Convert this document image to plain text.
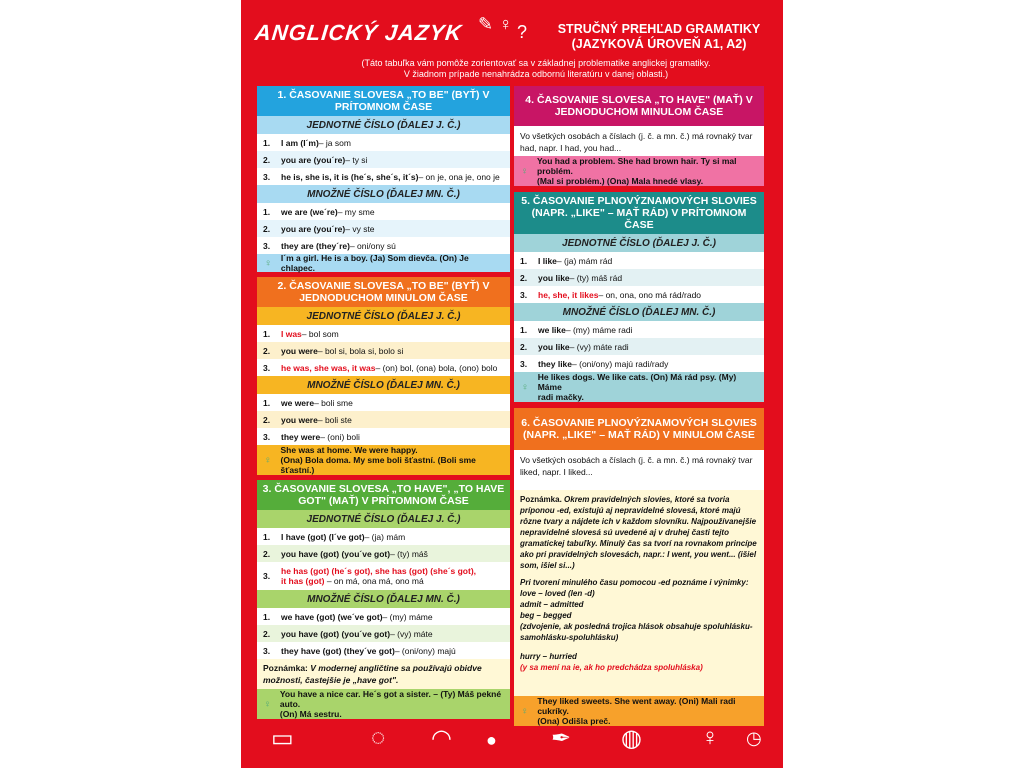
ANGLICKÝ JAZYK ✎ ♀ ?	STRUČNÝ PREHĽAD GRAMATIKY
(JAZYKOVÁ ÚROVEŇ A1, A2)
(Táto tabuľka vám pomôže zorientovať sa v základnej problematike anglickej gramatiky.
V žiadnom prípade nenahrádza odbornú literatúru v danej oblasti.)
1. ČASOVANIE SLOVESA „TO BE" (BYŤ) V PRÍTOMNOM ČASE
JEDNOTNÉ ČÍSLO (ĎALEJ J. Č.)
1.	I am (I´m) – ja som
2.	you are (you´re) – ty si
3.	he is, she is, it is (he´s, she´s, it´s) – on je, ona je, ono je
MNOŽNÉ ČÍSLO (ĎALEJ MN. Č.)
1.	we are (we´re) – my sme
2.	you are (you´re) – vy ste
3.	they are (they´re) – oni/ony sú
♀	I´m a girl. He is a boy. (Ja) Som dievča. (On) Je chlapec.
2. ČASOVANIE SLOVESA „TO BE" (BYŤ) V JEDNODUCHOM MINULOM ČASE
JEDNOTNÉ ČÍSLO (ĎALEJ J. Č.)
1.	I was – bol som
2.	you were – bol si, bola si, bolo si
3.	he was, she was, it was – (on) bol, (ona) bola, (ono) bolo
MNOŽNÉ ČÍSLO (ĎALEJ MN. Č.)
1.	we were – boli sme
2.	you were – boli ste
3.	they were – (oni) boli
♀
She was at home. We were happy.
(Ona) Bola doma. My sme boli šťastní. (Boli sme šťastní.)
3. ČASOVANIE SLOVESA „TO HAVE", „TO HAVE GOT" (MAŤ) V PRÍTOMNOM ČASE
JEDNOTNÉ ČÍSLO (ĎALEJ J. Č.)
1.	I have (got) (I´ve got) – (ja) mám
2.	you have (got) (you´ve got) – (ty) máš
3.	he has (got) (he´s got), she has (got) (she´s got),
it has (got) – on má, ona má, ono má
MNOŽNÉ ČÍSLO (ĎALEJ MN. Č.)
1.	we have (got) (we´ve got) – (my) máme
2.	you have (got) (you´ve got) – (vy) máte
3.	they have (got) (they´ve got) – (oni/ony) majú
Poznámka: V modernej angličtine sa používajú obidve možnosti, častejšie je „have got".
♀
You have a nice car. He´s got a sister. – (Ty) Máš pekné auto.
(On) Má sestru.
4. ČASOVANIE SLOVESA „TO HAVE" (MAŤ) V JEDNODUCHOM MINULOM ČASE
Vo všetkých osobách a číslach (j. č. a mn. č.) má rovnaký tvar had, napr. I had, you had...
♀
You had a problem. She had brown hair. Ty si mal problém.
(Mal si problém.) (Ona) Mala hnedé vlasy.
5. ČASOVANIE PLNOVÝZNAMOVÝCH SLOVIES (NAPR. „LIKE" – MAŤ RÁD) V PRÍTOMNOM ČASE
JEDNOTNÉ ČÍSLO (ĎALEJ J. Č.)
1.	I like – (ja) mám rád
2.	you like – (ty) máš rád
3.	he, she, it likes – on, ona, ono má rád/rado
MNOŽNÉ ČÍSLO (ĎALEJ MN. Č.)
1.	we like – (my) máme radi
2.	you like – (vy) máte radi
3.	they like – (oni/ony) majú radi/rady
♀
He likes dogs. We like cats. (On) Má rád psy. (My) Máme
radi mačky.
6. ČASOVANIE PLNOVÝZNAMOVÝCH SLOVIES (NAPR. „LIKE" – MAŤ RÁD) V MINULOM ČASE
Vo všetkých osobách a číslach (j. č. a mn. č.) má rovnaký tvar liked, napr. I liked...
Poznámka. Okrem pravidelných slovies, ktoré sa tvoria príponou -ed, existujú aj nepravidelné slovesá, ktoré majú rôzne tvary a nájdete ich v každom slovníku. Najpoužívanejšie nepravidelné slovesá sú uvedené aj v druhej časti tejto gramatickej tabuľky. Minulý čas sa tvorí na rovnakom princípe ako pri pravidelných slovesách, napr.: I went, you went... (išiel som, išiel si...)
Pri tvorení minulého času pomocou -ed poznáme i výnimky:
love – loved (len -d)
admit – admitted
beg – begged
(zdvojenie, ak posledná trojica hlások obsahuje spoluhlásku-samohlásku-spoluhlásku)

hurry – hurried
(y sa mení na ie, ak ho predchádza spoluhláska)
♀
They liked sweets. She went away. (Oni) Mali radi cukríky.
(Ona) Odišla preč.
▭	◌ ◠ ● ✒ ◍ ♀ ◷
